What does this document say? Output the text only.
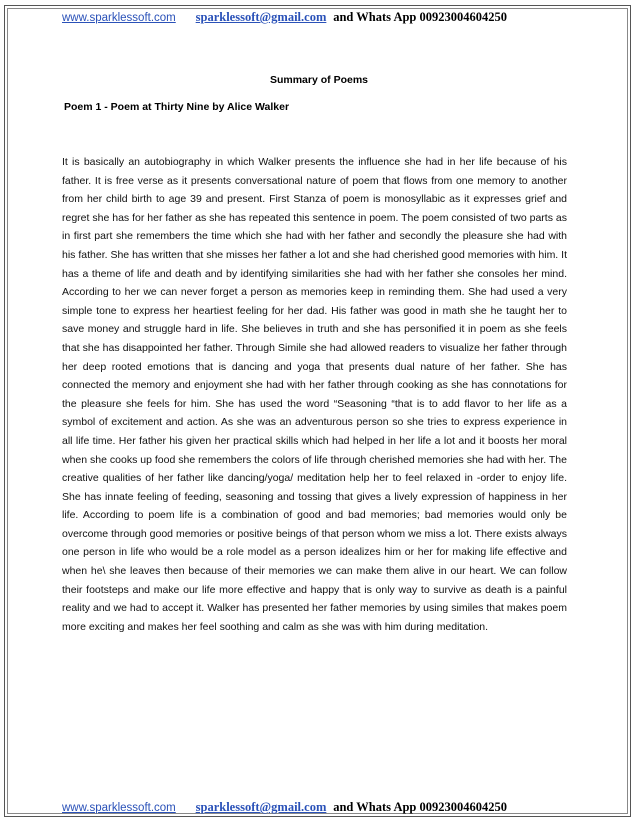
www.sparklessoft.com sparklessoft@gmail.com and Whats App 00923004604250
Summary of Poems
Poem 1 - Poem at Thirty Nine by Alice Walker

It is basically an autobiography in which Walker presents the influence she had in her life because of his father. It is free verse as it presents conversational nature of poem that flows from one memory to another from her child birth to age 39 and present. First Stanza of poem is monosyllabic as it expresses grief and regret she has for her father as she has repeated this sentence in poem. The poem consisted of two parts as in first part she remembers the time which she had with her father and secondly the pleasure she had with his father. She has written that she misses her father a lot and she had cherished good memories with him. It has a theme of life and death and by identifying similarities she had with her father she consoles her mind. According to her we can never forget a person as memories keep in reminding them. She had used a very simple tone to express her heartiest feeling for her dad. His father was good in math she he taught her to save money and struggle hard in life. She believes in truth and she has personified it in poem as she feels that she has disappointed her father. Through Simile she had allowed readers to visualize her father through her deep rooted emotions that is dancing and yoga that presents dual nature of her father. She has connected the memory and enjoyment she had with her father through cooking as she has connotations for the pleasure she feels for him. She has used the word “Seasoning “that is to add flavor to her life as a symbol of excitement and action. As she was an adventurous person so she tries to express experience in all life time. Her father his given her practical skills which had helped in her life a lot and it boosts her moral when she cooks up food she remembers the colors of life through cherished memories she had with her. The creative qualities of her father like dancing/yoga/ meditation help her to feel relaxed in -order to enjoy life. She has innate feeling of feeding, seasoning and tossing that gives a lively expression of happiness in her life. According to poem life is a combination of good and bad memories; bad memories would only be overcome through good memories or positive beings of that person whom we miss a lot. There exists always one person in life who would be a role model as a person idealizes him or her for making life effective and when he\ she leaves then because of their memories we can make them alive in our heart. We can follow their footsteps and make our life more effective and happy that is only way to survive as death is a painful reality and we had to accept it. Walker has presented her father memories by using similes that makes poem more exciting and makes her feel soothing and calm as she was with him during meditation.

www.sparklessoft.com sparklessoft@gmail.com and Whats App 00923004604250
